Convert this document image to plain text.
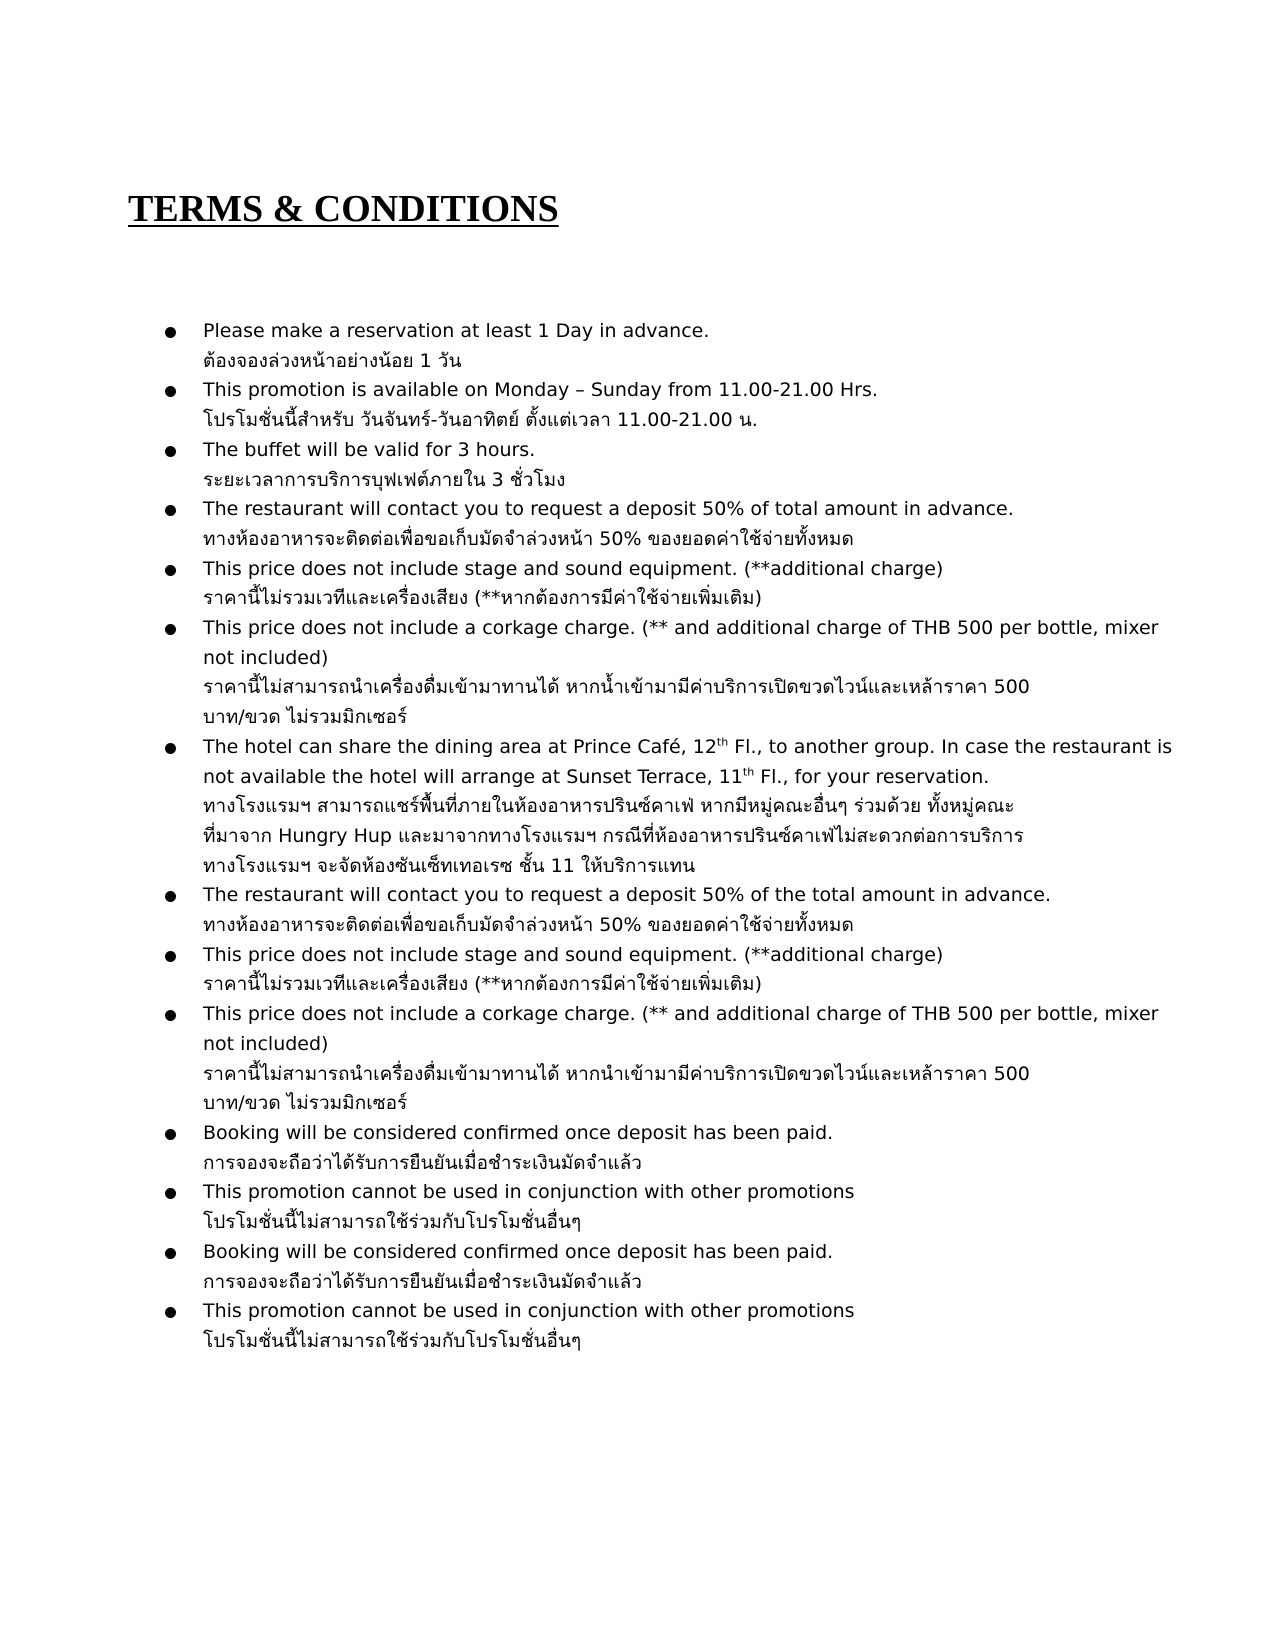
TERMS & CONDITIONS
Please make a reservation at least 1 Day in advance.
ต้องจองล่วงหน้าอย่างน้อย 1 วัน
This promotion is available on Monday – Sunday from 11.00-21.00 Hrs.
โปรโมชั่นนี้สำหรับ วันจันทร์-วันอาทิตย์ ตั้งแต่เวลา 11.00-21.00 น.
The buffet will be valid for 3 hours.
ระยะเวลาการบริการบุฟเฟต์ภายใน 3 ชั่วโมง
The restaurant will contact you to request a deposit 50% of total amount in advance.
ทางห้องอาหารจะติดต่อเพื่อขอเก็บมัดจำล่วงหน้า 50% ของยอดค่าใช้จ่ายทั้งหมด
This price does not include stage and sound equipment. (**additional charge)
ราคานี้ไม่รวมเวทีและเครื่องเสียง (**หากต้องการมีค่าใช้จ่ายเพิ่มเติม)
This price does not include a corkage charge. (** and additional charge of THB 500 per bottle, mixer
not included)
ราคานี้ไม่สามารถนำเครื่องดื่มเข้ามาทานได้ หากน้ำเข้ามามีค่าบริการเปิดขวดไวน์และเหล้าราคา 500
บาท/ขวด ไม่รวมมิกเซอร์
The hotel can share the dining area at Prince Café, 12th Fl., to another group. In case the restaurant is
not available the hotel will arrange at Sunset Terrace, 11th Fl., for your reservation.
ทางโรงแรมฯ สามารถแชร์พื้นที่ภายในห้องอาหารปรินซ์คาเฟ่ หากมีหมู่คณะอื่นๆ ร่วมด้วย ทั้งหมู่คณะ
ที่มาจาก Hungry Hup และมาจากทางโรงแรมฯ กรณีที่ห้องอาหารปรินซ์คาเฟ่ไม่สะดวกต่อการบริการ
ทางโรงแรมฯ จะจัดห้องซันเซ็ทเทอเรซ ชั้น 11 ให้บริการแทน
The restaurant will contact you to request a deposit 50% of the total amount in advance.
ทางห้องอาหารจะติดต่อเพื่อขอเก็บมัดจำล่วงหน้า 50% ของยอดค่าใช้จ่ายทั้งหมด
This price does not include stage and sound equipment. (**additional charge)
ราคานี้ไม่รวมเวทีและเครื่องเสียง (**หากต้องการมีค่าใช้จ่ายเพิ่มเติม)
This price does not include a corkage charge. (** and additional charge of THB 500 per bottle, mixer
not included)
ราคานี้ไม่สามารถนำเครื่องดื่มเข้ามาทานได้ หากนำเข้ามามีค่าบริการเปิดขวดไวน์และเหล้าราคา 500
บาท/ขวด ไม่รวมมิกเซอร์
Booking will be considered confirmed once deposit has been paid.
การจองจะถือว่าได้รับการยืนยันเมื่อชำระเงินมัดจำแล้ว
This promotion cannot be used in conjunction with other promotions
โปรโมชั่นนี้ไม่สามารถใช้ร่วมกับโปรโมชั่นอื่นๆ
Booking will be considered confirmed once deposit has been paid.
การจองจะถือว่าได้รับการยืนยันเมื่อชำระเงินมัดจำแล้ว
This promotion cannot be used in conjunction with other promotions
โปรโมชั่นนี้ไม่สามารถใช้ร่วมกับโปรโมชั่นอื่นๆ
